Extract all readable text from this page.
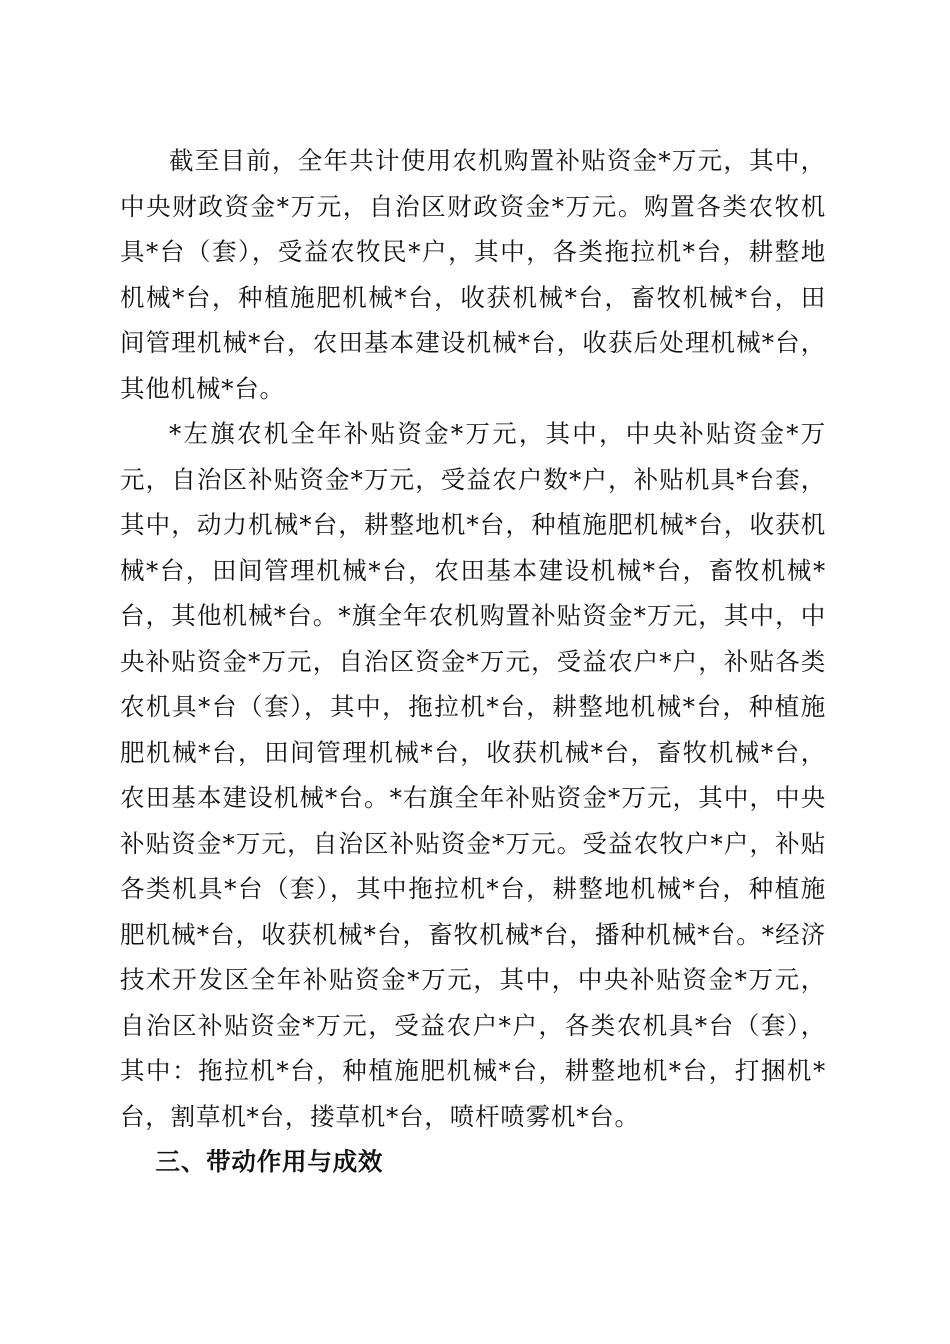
截至目前，全年共计使用农机购置补贴资金*万元，其中，中央财政资金*万元，自治区财政资金*万元。购置各类农牧机具*台（套），受益农牧民*户，其中，各类拖拉机*台，耕整地机械*台，种植施肥机械*台，收获机械*台，畜牧机械*台，田间管理机械*台，农田基本建设机械*台，收获后处理机械*台，其他机械*台。

*左旗农机全年补贴资金*万元，其中，中央补贴资金*万元，自治区补贴资金*万元，受益农户数*户，补贴机具*台套，其中，动力机械*台，耕整地机*台，种植施肥机械*台，收获机械*台，田间管理机械*台，农田基本建设机械*台，畜牧机械*台，其他机械*台。*旗全年农机购置补贴资金*万元，其中，中央补贴资金*万元，自治区资金*万元，受益农户*户，补贴各类农机具*台（套），其中，拖拉机*台，耕整地机械*台，种植施肥机械*台，田间管理机械*台，收获机械*台，畜牧机械*台，农田基本建设机械*台。*右旗全年补贴资金*万元，其中，中央补贴资金*万元，自治区补贴资金*万元。受益农牧户*户，补贴各类机具*台（套），其中拖拉机*台，耕整地机械*台，种植施肥机械*台，收获机械*台，畜牧机械*台，播种机械*台。*经济技术开发区全年补贴资金*万元，其中，中央补贴资金*万元，自治区补贴资金*万元，受益农户*户，各类农机具*台（套），其中：拖拉机*台，种植施肥机械*台，耕整地机*台，打捆机*台，割草机*台，搂草机*台，喷杆喷雾机*台。

三、带动作用与成效
